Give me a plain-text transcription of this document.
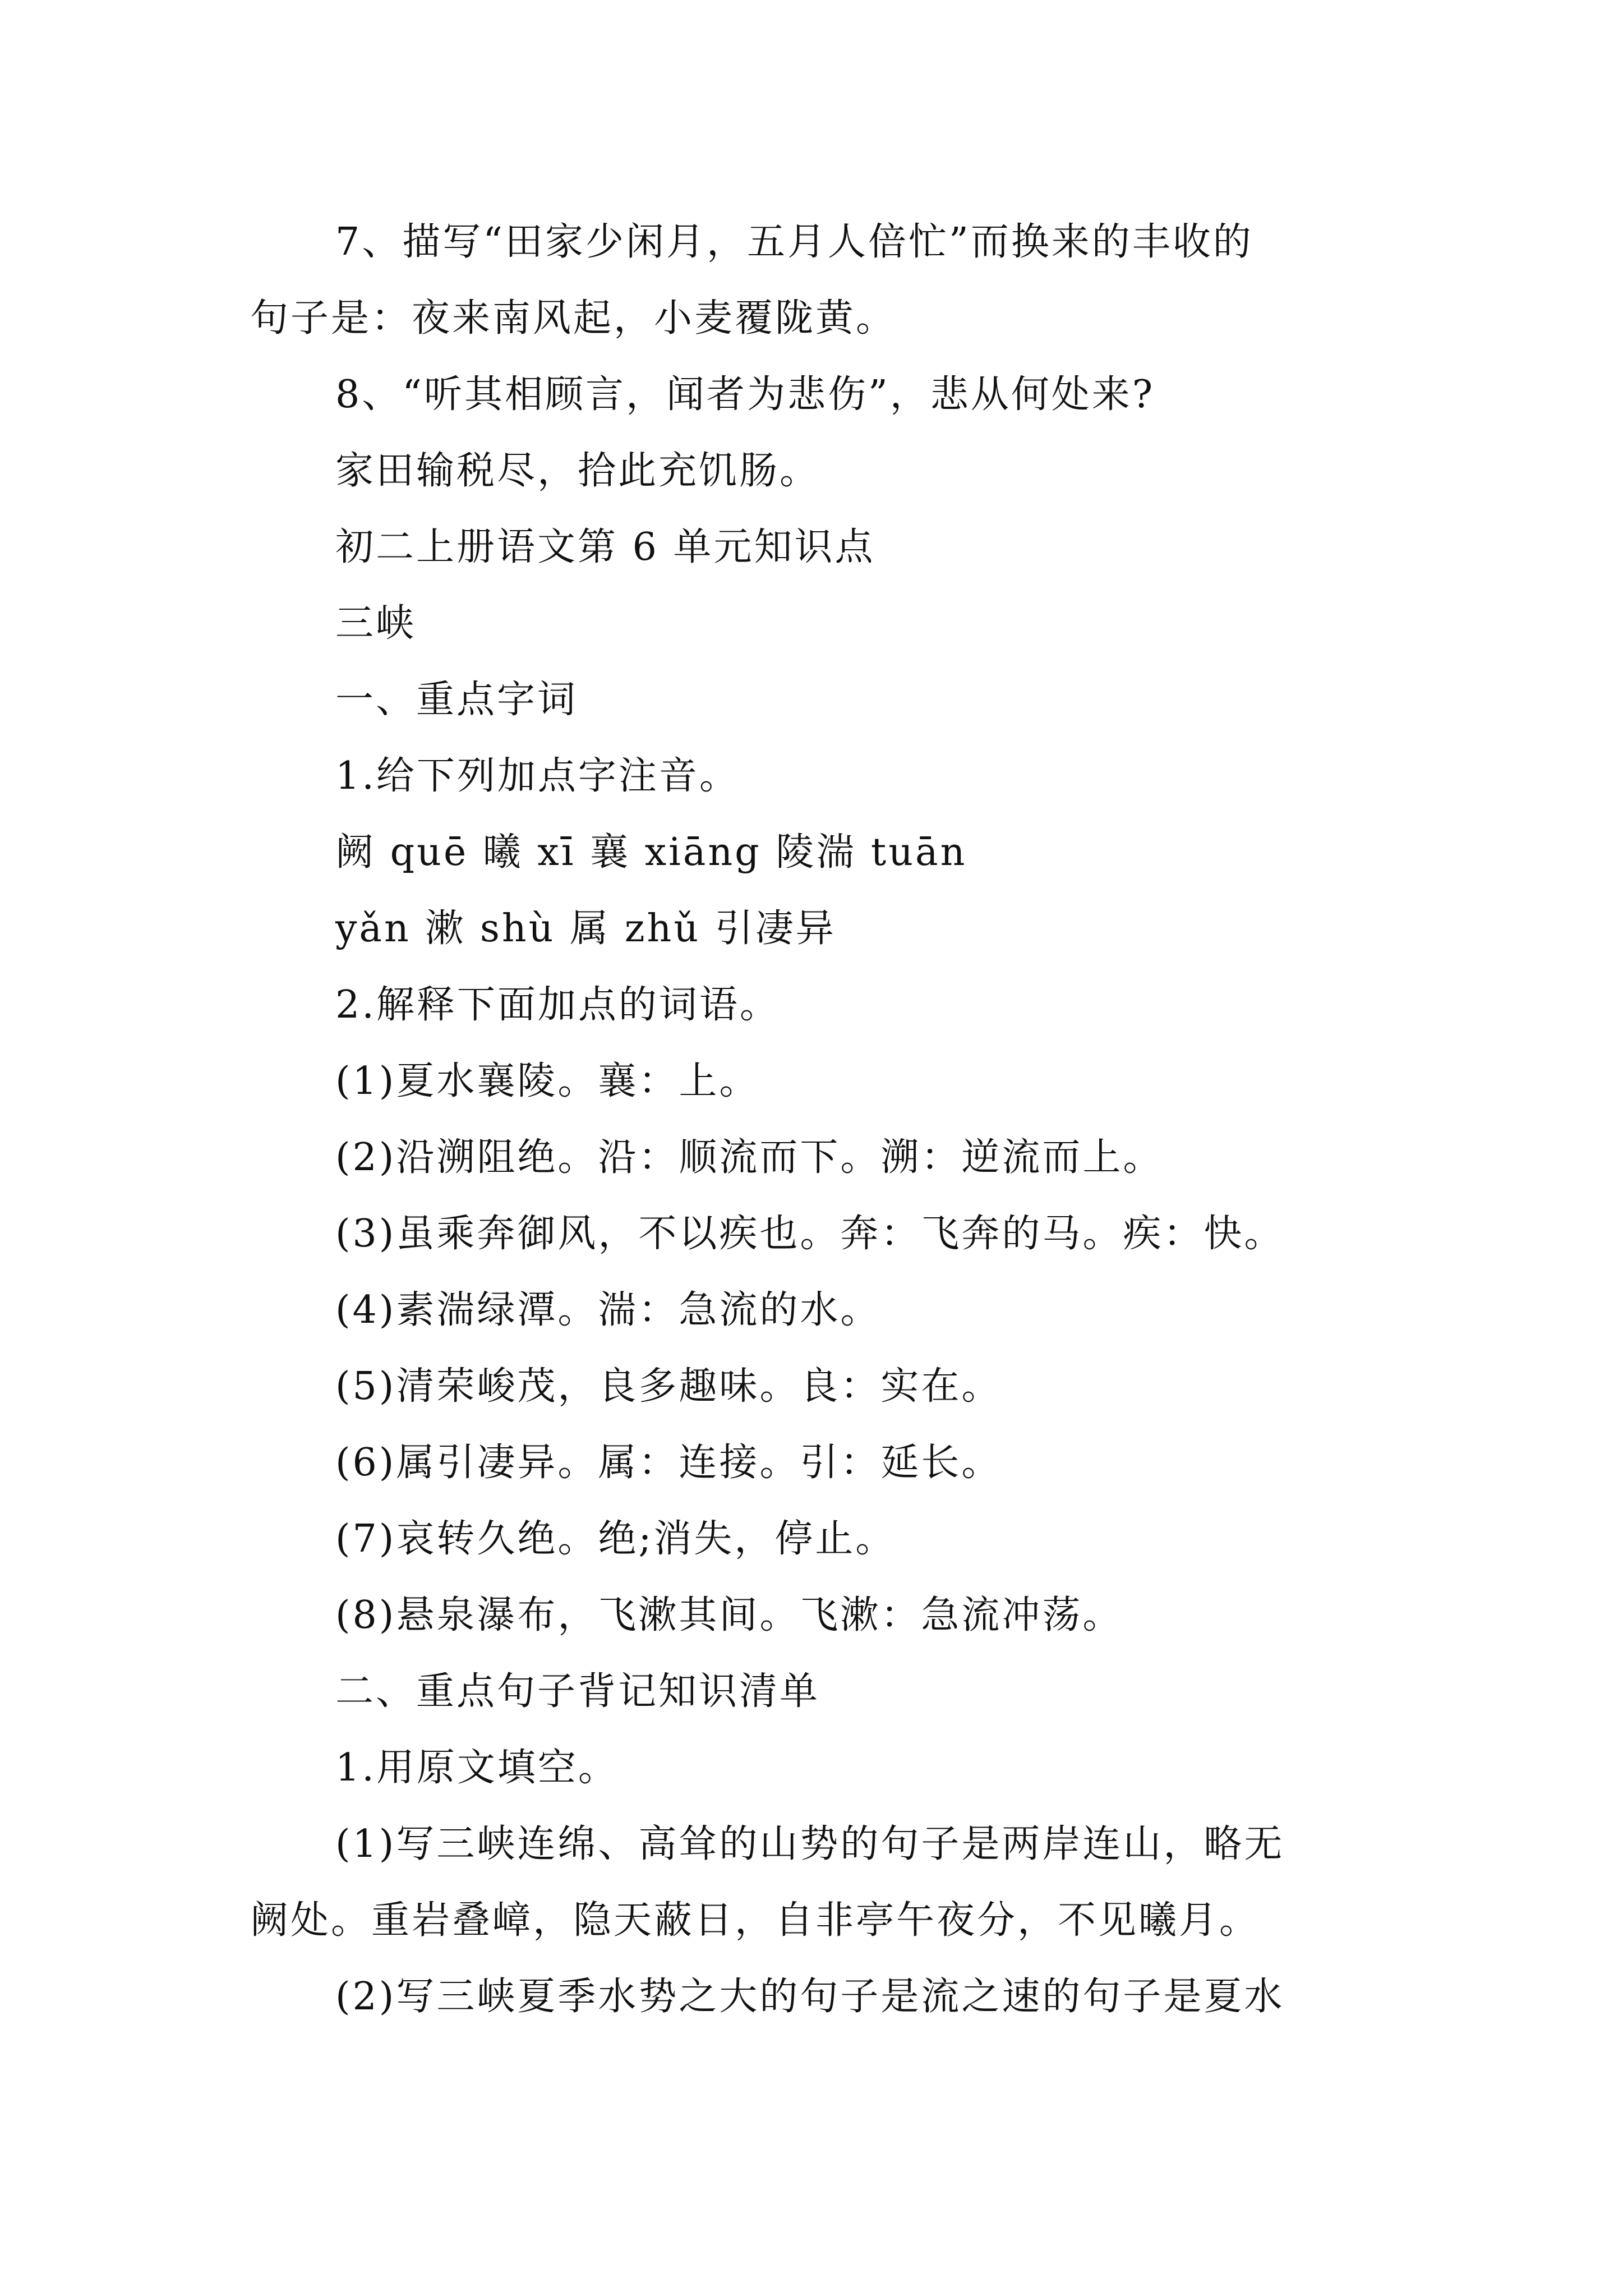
7、描写“田家少闲月，五月人倍忙”而换来的丰收的
句子是：夜来南风起，小麦覆陇黄。
8、“听其相顾言，闻者为悲伤”，悲从何处来?
家田输税尽，拾此充饥肠。
初二上册语文第 6 单元知识点
三峡
一、重点字词
1.给下列加点字注音。
阙 quē 曦 xī 襄 xiāng 陵湍 tuān
yǎn 漱 shù 属 zhǔ 引凄异
2.解释下面加点的词语。
(1)夏水襄陵。襄：上。
(2)沿溯阻绝。沿：顺流而下。溯：逆流而上。
(3)虽乘奔御风，不以疾也。奔：飞奔的马。疾：快。
(4)素湍绿潭。湍：急流的水。
(5)清荣峻茂，良多趣味。良：实在。
(6)属引凄异。属：连接。引：延长。
(7)哀转久绝。绝;消失，停止。
(8)悬泉瀑布，飞漱其间。飞漱：急流冲荡。
二、重点句子背记知识清单
1.用原文填空。
(1)写三峡连绵、高耸的山势的句子是两岸连山，略无
阙处。重岩叠嶂，隐天蔽日，自非亭午夜分，不见曦月。
(2)写三峡夏季水势之大的句子是流之速的句子是夏水
